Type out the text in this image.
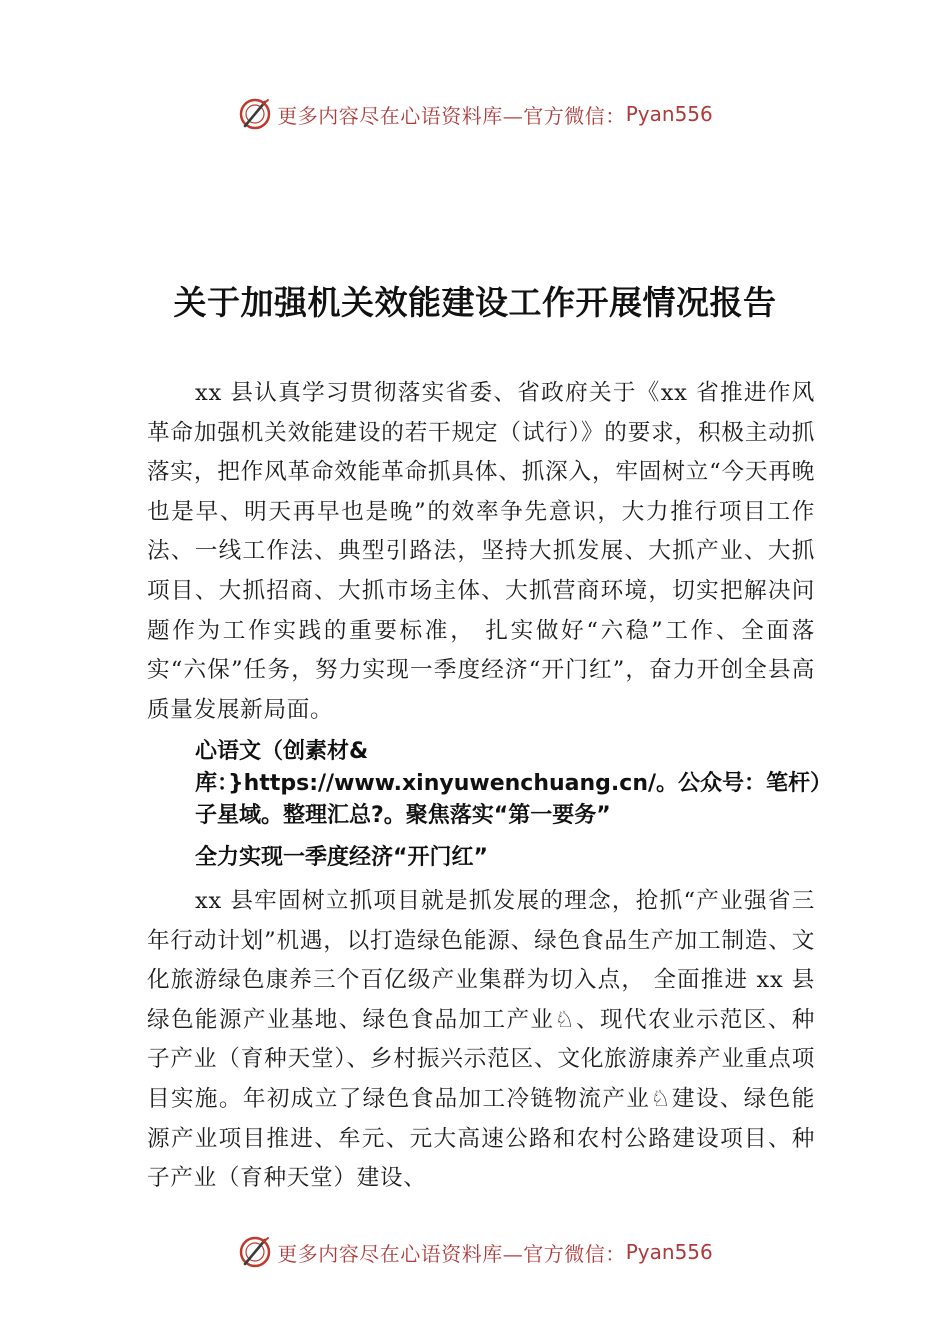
更多内容尽在心语资料库—官方微信： Pyan556
关于加强机关效能建设工作开展情况报告

xx 县认真学习贯彻落实省委、省政府关于《xx 省推进作风革命加强机关效能建设的若干规定（试行）》的要求，积极主动抓落实，把作风革命效能革命抓具体、抓深入，牢固树立“今天再晚也是早、明天再早也是晚”的效率争先意识，大力推行项目工作法、一线工作法、典型引路法，坚持大抓发展、大抓产业、大抓项目、大抓招商、大抓市场主体、大抓营商环境，切实把解决问题作为工作实践的重要标准， 扎实做好“六稳”工作、全面落实“六保”任务，努力实现一季度经济“开门红”，奋力开创全县高质量发展新局面。

心语文（创素材&库：}https://www.xinyuwenchuang.cn/。公众号：笔杆）子星域。整理汇总?。聚焦落实“第一要务”

全力实现一季度经济“开门红”

xx 县牢固树立抓项目就是抓发展的理念，抢抓“产业强省三年行动计划”机遇，以打造绿色能源、绿色食品生产加工制造、文化旅游绿色康养三个百亿级产业集群为切入点， 全面推进 xx 县绿色能源产业基地、绿色食品加工产业♘、现代农业示范区、种子产业（育种天堂）、乡村振兴示范区、文化旅游康养产业重点项目实施。年初成立了绿色食品加工冷链物流产业♘建设、绿色能源产业项目推进、牟元、元大高速公路和农村公路建设项目、种子产业（育种天堂）建设、

更多内容尽在心语资料库—官方微信： Pyan556
